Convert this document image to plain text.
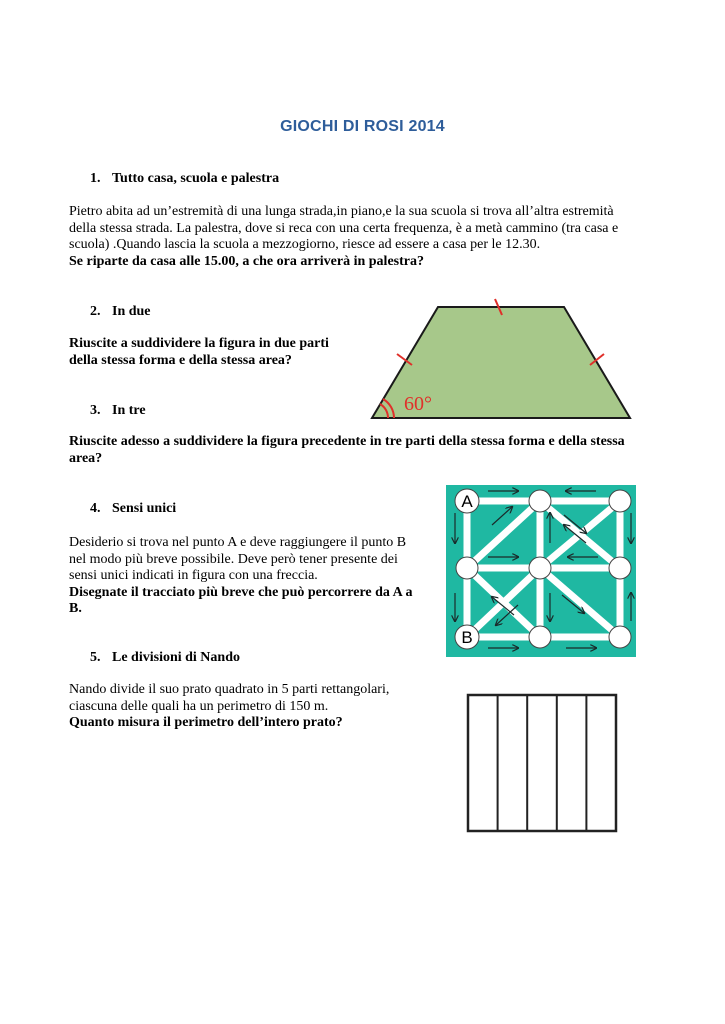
GIOCHI DI ROSI 2014
1. Tutto casa, scuola e palestra
Pietro abita ad un’estremità di una lunga strada,in piano,e la sua scuola si trova all’altra estremità
della stessa strada. La palestra, dove si reca con una certa frequenza, è a metà cammino (tra casa e
scuola) .Quando lascia la scuola a mezzogiorno, riesce ad essere a casa per le 12.30.
Se riparte da casa alle 15.00, a che ora arriverà in palestra?
2. In due
Riuscite a suddividere la figura in due parti
della stessa forma e della stessa area?
60°
3. In tre
Riuscite adesso a suddividere la figura precedente in tre parti della stessa forma e della stessa
area?
4. Sensi unici
Desiderio si trova nel punto A e deve raggiungere il punto B
nel modo più breve possibile. Deve però tener presente dei
sensi unici indicati in figura con una freccia.
Disegnate il tracciato più breve che può percorrere da A a
B.
A
B
5. Le divisioni di Nando
Nando divide il suo prato quadrato in 5 parti rettangolari,
ciascuna delle quali ha un perimetro di 150 m.
Quanto misura il perimetro dell’intero prato?
